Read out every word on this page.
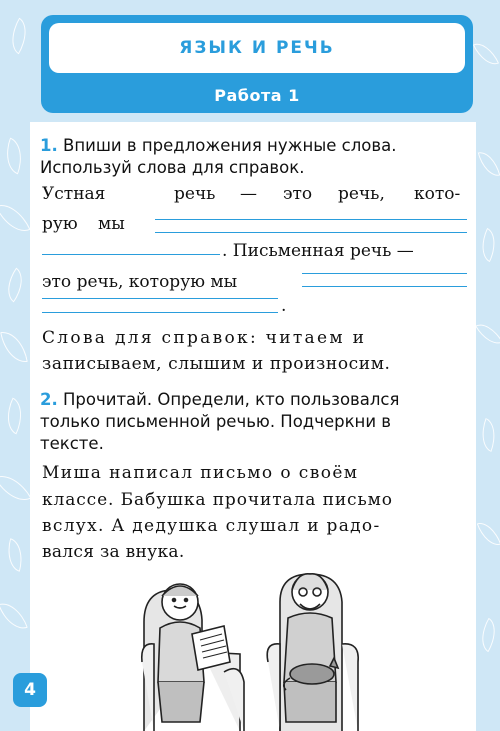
ЯЗЫК И РЕЧЬ
Работа 1
1. Впиши в предложения нужные слова.
Используй слова для справок.
Устная	речь — это речь, кото-
рую мы
. Письменная речь —
это речь, которую мы
.
Слова для справок: читаем и
записываем, слышим и произносим.
2. Прочитай. Определи, кто пользовался
только письменной речью. Подчеркни в
тексте.
Миша написал письмо о своём
классе. Бабушка прочитала письмо
вслух. А дедушка слушал и радо-
вался за внука.
4
